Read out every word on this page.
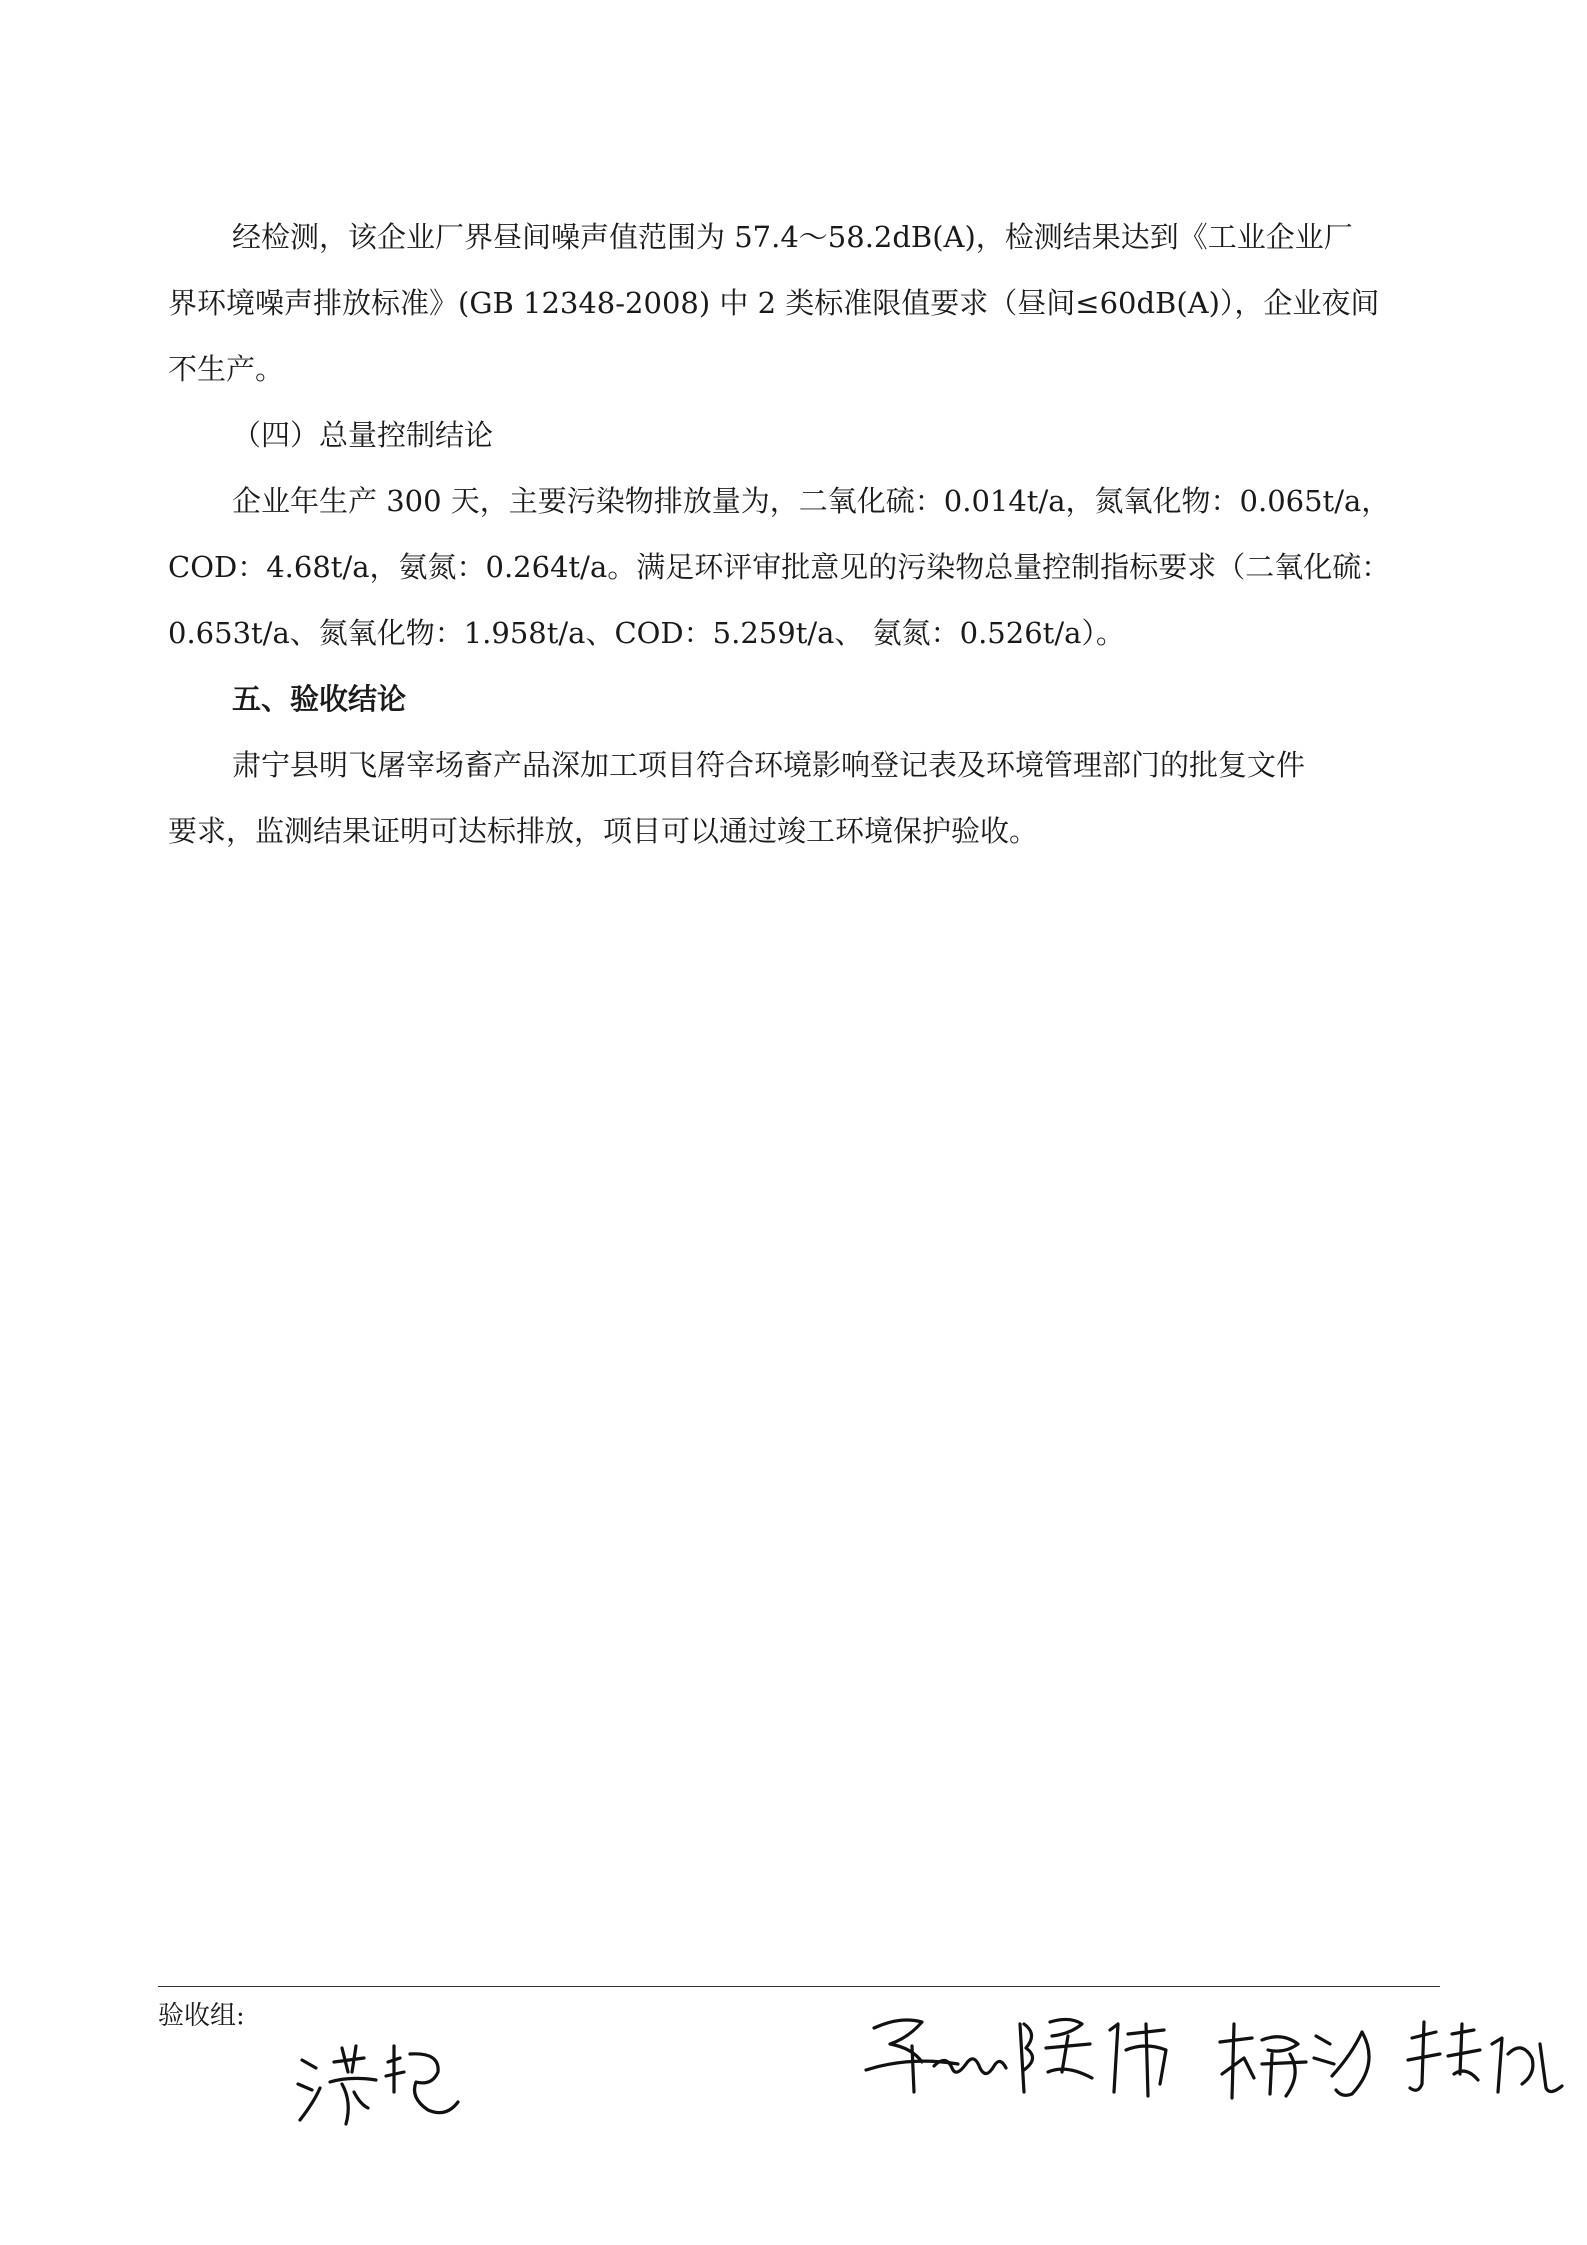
经检测，该企业厂界昼间噪声值范围为 57.4～58.2dB(A)，检测结果达到《工业企业厂
界环境噪声排放标准》(GB 12348-2008) 中 2 类标准限值要求（昼间≤60dB(A)），企业夜间
不生产。
（四）总量控制结论
企业年生产 300 天，主要污染物排放量为，二氧化硫：0.014t/a，氮氧化物：0.065t/a，
COD：4.68t/a，氨氮：0.264t/a。满足环评审批意见的污染物总量控制指标要求（二氧化硫：
0.653t/a、氮氧化物：1.958t/a、COD：5.259t/a、 氨氮：0.526t/a）。
五、验收结论
肃宁县明飞屠宰场畜产品深加工项目符合环境影响登记表及环境管理部门的批复文件
要求，监测结果证明可达标排放，项目可以通过竣工环境保护验收。
验收组:
